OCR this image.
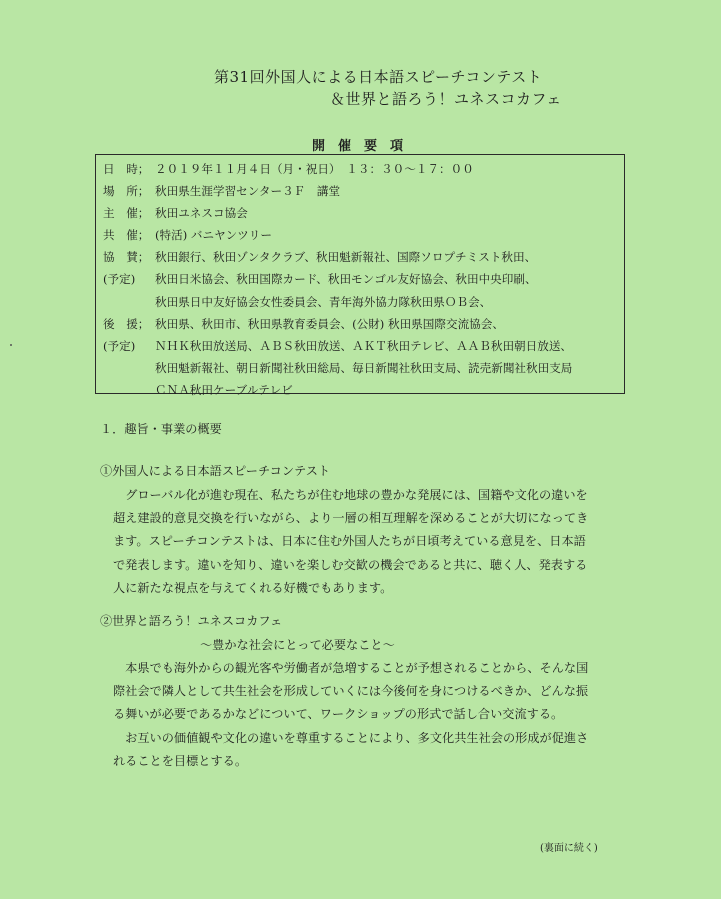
第31回外国人による日本語スピーチコンテスト
＆世界と語ろう！ユネスコカフェ
開催要項
日　時； ２０１９年１１月４日（月・祝日）　１３：３０〜１７：００
場　所； 秋田県生涯学習センター３Ｆ　講堂
主　催； 秋田ユネスコ協会
共　催； (特活) バニヤンツリー
協　賛； 秋田銀行、秋田ゾンタクラブ、秋田魁新報社、国際ソロプチミスト秋田、
(予定)	秋田日米協会、秋田国際カード、秋田モンゴル友好協会、秋田中央印刷、
秋田県日中友好協会女性委員会、青年海外協力隊秋田県ＯＢ会、
後　援； 秋田県、秋田市、秋田県教育委員会、(公財) 秋田県国際交流協会、
(予定)	ＮＨＫ秋田放送局、ＡＢＳ秋田放送、ＡＫＴ秋田テレビ、ＡＡＢ秋田朝日放送、
秋田魁新報社、朝日新聞社秋田総局、毎日新聞社秋田支局、読売新聞社秋田支局
ＣＮＡ秋田ケーブルテレビ
１．趣旨・事業の概要
①外国人による日本語スピーチコンテスト
　グローバル化が進む現在、私たちが住む地球の豊かな発展には、国籍や文化の違いを
超え建設的意見交換を行いながら、より一層の相互理解を深めることが大切になってき
ます。スピーチコンテストは、日本に住む外国人たちが日頃考えている意見を、日本語
で発表します。違いを知り、違いを楽しむ交歓の機会であると共に、聴く人、発表する
人に新たな視点を与えてくれる好機でもあります。
②世界と語ろう！ユネスコカフェ
〜豊かな社会にとって必要なこと〜
　本県でも海外からの観光客や労働者が急増することが予想されることから、そんな国
際社会で隣人として共生社会を形成していくには今後何を身につけるべきか、どんな振
る舞いが必要であるかなどについて、ワークショップの形式で話し合い交流する。
　お互いの価値観や文化の違いを尊重することにより、多文化共生社会の形成が促進さ
れることを目標とする。
(裏面に続く)
